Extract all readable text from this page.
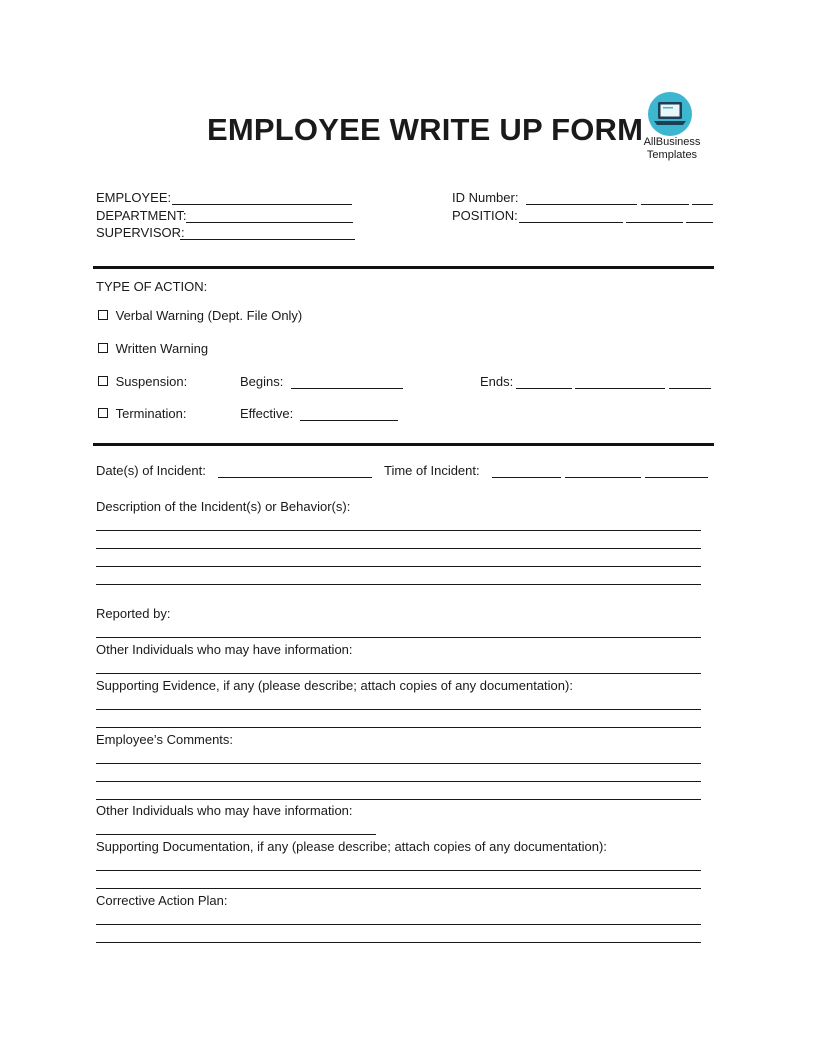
EMPLOYEE WRITE UP FORM AllBusiness
Templates
EMPLOYEE:
DEPARTMENT:
SUPERVISOR:
ID Number:
POSITION:
TYPE OF ACTION:
Verbal Warning (Dept. File Only)
Written Warning
Suspension:	Begins:	Ends:
Termination:	Effective:
Date(s) of Incident:	Time of Incident:
Description of the Incident(s) or Behavior(s):
Reported by:
Other Individuals who may have information:
Supporting Evidence, if any (please describe; attach copies of any documentation):
Employee’s Comments:
Other Individuals who may have information:
Supporting Documentation, if any (please describe; attach copies of any documentation):
Corrective Action Plan:
